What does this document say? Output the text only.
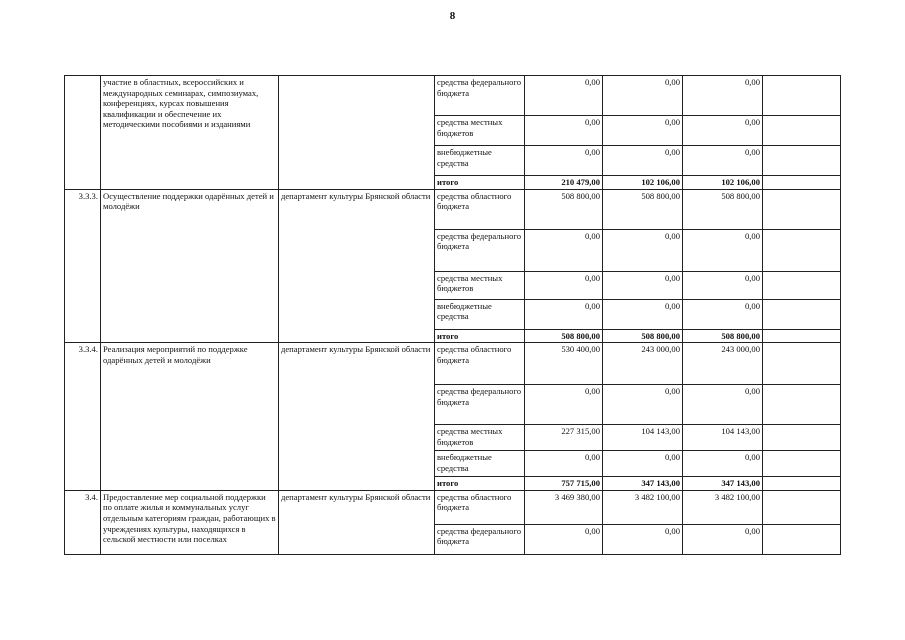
8
	участие в областных, всероссийских и международных семинарах, симпозиумах, конференциях, курсах повышения квалификации и обеспечение их методическими пособиями и изданиями		средства федерального бюджета	0,00	0,00	0,00	
			средства местных бюджетов	0,00	0,00	0,00	
			внебюджетные средства	0,00	0,00	0,00	
			итого	210 479,00	102 106,00	102 106,00	
3.3.3.	Осуществление поддержки одарённых детей и молодёжи	департамент культуры Брянской области	средства областного бюджета	508 800,00	508 800,00	508 800,00	
			средства федерального бюджета	0,00	0,00	0,00	
			средства местных бюджетов	0,00	0,00	0,00	
			внебюджетные средства	0,00	0,00	0,00	
			итого	508 800,00	508 800,00	508 800,00	
3.3.4.	Реализация мероприятий по поддержке одарённых детей и молодёжи	департамент культуры Брянской области	средства областного бюджета	530 400,00	243 000,00	243 000,00	
			средства федерального бюджета	0,00	0,00	0,00	
			средства местных бюджетов	227 315,00	104 143,00	104 143,00	
			внебюджетные средства	0,00	0,00	0,00	
			итого	757 715,00	347 143,00	347 143,00	
3.4.	Предоставление мер социальной поддержки по оплате жилья и коммунальных услуг отдельным категориям граждан, работающих в учреждениях культуры, находящихся в сельской местности или поселках	департамент культуры Брянской области	средства областного бюджета	3 469 380,00	3 482 100,00	3 482 100,00	
			средства федерального бюджета	0,00	0,00	0,00	
